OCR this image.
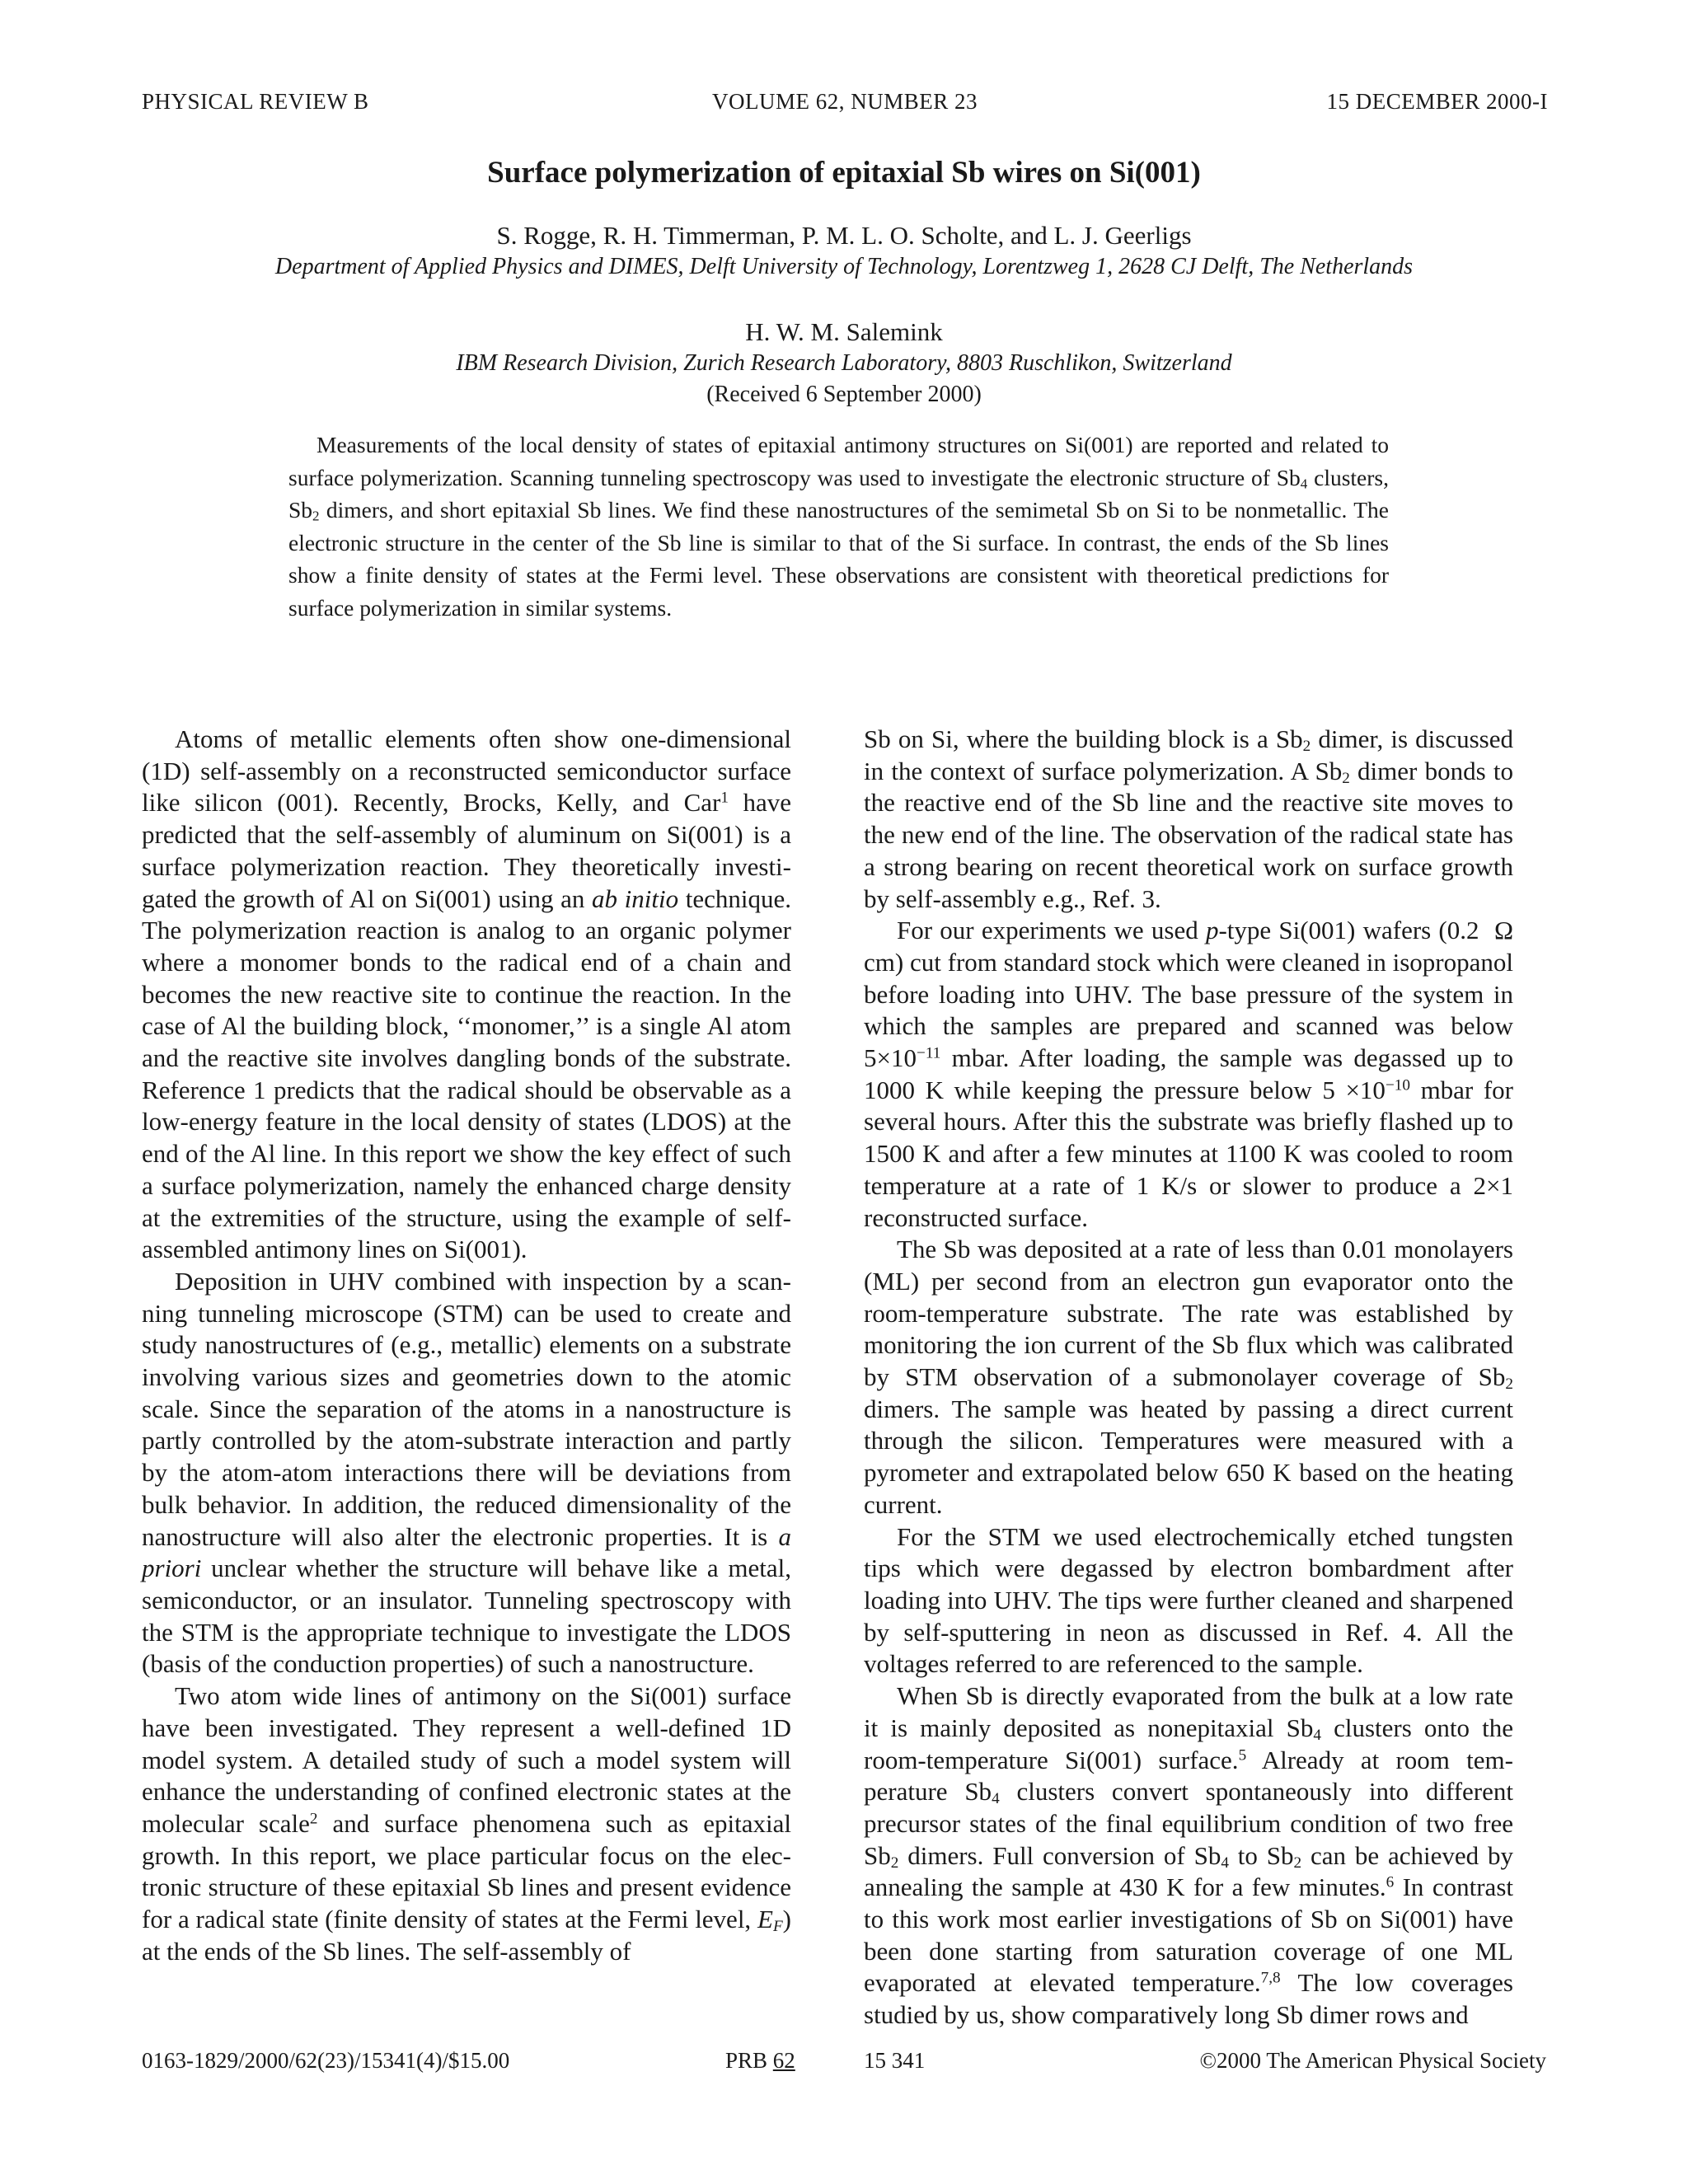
PHYSICAL REVIEW B	VOLUME 62, NUMBER 23	15 DECEMBER 2000-I
Surface polymerization of epitaxial Sb wires on Si(001)
S. Rogge, R. H. Timmerman, P. M. L. O. Scholte, and L. J. Geerligs
Department of Applied Physics and DIMES, Delft University of Technology, Lorentzweg 1, 2628 CJ Delft, The Netherlands
H. W. M. Salemink
IBM Research Division, Zurich Research Laboratory, 8803 Ruschlikon, Switzerland
(Received 6 September 2000)

Measurements of the local density of states of epitaxial antimony structures on Si(001) are reported and related to surface polymerization. Scanning tunneling spectroscopy was used to investigate the electronic structure of $Sb_4$ clusters, $Sb_2$ dimers, and short epitaxial Sb lines. We find these nanostructures of the semimetal Sb on Si to be nonmetallic. The electronic structure in the center of the Sb line is similar to that of the Si surface. In contrast, the ends of the Sb lines show a finite density of states at the Fermi level. These observations are consistent with theoretical predictions for surface polymerization in similar systems.

Atoms of metallic elements often show one-dimensional (1D) self-assembly on a reconstructed semiconductor surface like silicon (001). Recently, Brocks, Kelly, and Car$^1$ have predicted that the self-assembly of aluminum on Si(001) is a surface polymerization reaction. They theoretically investigated the growth of Al on Si(001) using an ab initio technique. The polymerization reaction is analog to an organic polymer where a monomer bonds to the radical end of a chain and becomes the new reactive site to continue the reaction. In the case of Al the building block, ‘‘monomer,’’ is a single Al atom and the reactive site involves dangling bonds of the substrate. Reference 1 predicts that the radical should be observable as a low-energy feature in the local density of states (LDOS) at the end of the Al line. In this report we show the key effect of such a surface polymerization, namely the enhanced charge density at the extremities of the structure, using the example of self-assembled antimony lines on Si(001).

Deposition in UHV combined with inspection by a scanning tunneling microscope (STM) can be used to create and study nanostructures of (e.g., metallic) elements on a substrate involving various sizes and geometries down to the atomic scale. Since the separation of the atoms in a nanostructure is partly controlled by the atom-substrate interaction and partly by the atom-atom interactions there will be deviations from bulk behavior. In addition, the reduced dimensionality of the nanostructure will also alter the electronic properties. It is a priori unclear whether the structure will behave like a metal, semiconductor, or an insulator. Tunneling spectroscopy with the STM is the appropriate technique to investigate the LDOS (basis of the conduction properties) of such a nanostructure.

Two atom wide lines of antimony on the Si(001) surface have been investigated. They represent a well-defined 1D model system. A detailed study of such a model system will enhance the understanding of confined electronic states at the molecular scale$^2$ and surface phenomena such as epitaxial growth. In this report, we place particular focus on the electronic structure of these epitaxial Sb lines and present evidence for a radical state (finite density of states at the Fermi level, $E_F$) at the ends of the Sb lines. The self-assembly of

Sb on Si, where the building block is a $Sb_2$ dimer, is discussed in the context of surface polymerization. A $Sb_2$ dimer bonds to the reactive end of the Sb line and the reactive site moves to the new end of the line. The observation of the radical state has a strong bearing on recent theoretical work on surface growth by self-assembly e.g., Ref. 3.

For our experiments we used p-type Si(001) wafers (0.2  Ω cm) cut from standard stock which were cleaned in isopropanol before loading into UHV. The base pressure of the system in which the samples are prepared and scanned was below $5\times 10^{-11}$ mbar. After loading, the sample was degassed up to 1000 K while keeping the pressure below $5 \times 10^{-10}$ mbar for several hours. After this the substrate was briefly flashed up to 1500 K and after a few minutes at 1100 K was cooled to room temperature at a rate of 1 K/s or slower to produce a 2×1 reconstructed surface.

The Sb was deposited at a rate of less than 0.01 monolayers (ML) per second from an electron gun evaporator onto the room-temperature substrate. The rate was established by monitoring the ion current of the Sb flux which was calibrated by STM observation of a submonolayer coverage of $Sb_2$ dimers. The sample was heated by passing a direct current through the silicon. Temperatures were measured with a pyrometer and extrapolated below 650 K based on the heating current.

For the STM we used electrochemically etched tungsten tips which were degassed by electron bombardment after loading into UHV. The tips were further cleaned and sharpened by self-sputtering in neon as discussed in Ref. 4. All the voltages referred to are referenced to the sample.

When Sb is directly evaporated from the bulk at a low rate it is mainly deposited as nonepitaxial $Sb_4$ clusters onto the room-temperature Si(001) surface.$^5$ Already at room temperature $Sb_4$ clusters convert spontaneously into different precursor states of the final equilibrium condition of two free $Sb_2$ dimers. Full conversion of $Sb_4$ to $Sb_2$ can be achieved by annealing the sample at 430 K for a few minutes.$^6$ In contrast to this work most earlier investigations of Sb on Si(001) have been done starting from saturation coverage of one ML evaporated at elevated temperature.$^{7,8}$ The low coverages studied by us, show comparatively long Sb dimer rows and

0163-1829/2000/62(23)/15341(4)/$15.00	PRB 62	15 341	©2000 The American Physical Society
